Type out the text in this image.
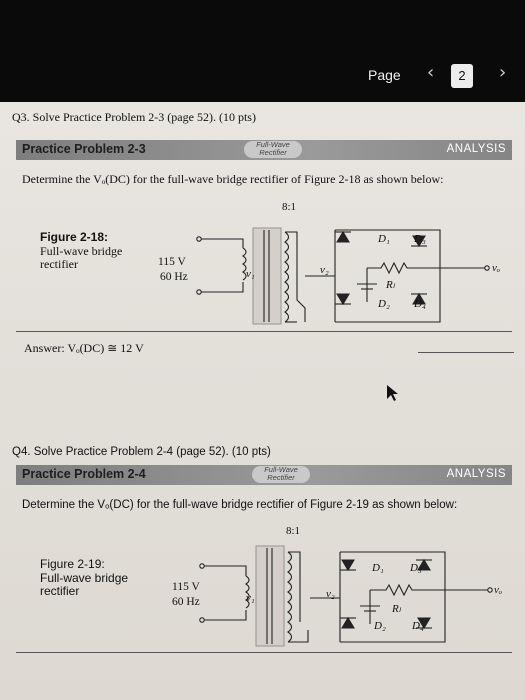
Page ‹	2	›
Q3. Solve Practice Problem 2-3 (page 52). (10 pts)
Practice Problem 2-3	Full-Wave Rectifier	ANALYSIS
Determine the Vₒ(DC) for the full-wave bridge rectifier of Figure 2-18 as shown below:
Figure 2-18:
Full-wave bridge rectifier	115 V
60 Hz
8:1
v₁	v₂
D₁ D₃
Rₗ
D₂ D₄
vₒ
Answer: Vₒ(DC) ≅ 12 V
Q4. Solve Practice Problem 2-4 (page 52). (10 pts)
Practice Problem 2-4	Full-Wave Rectifier	ANALYSIS
Determine the Vₒ(DC) for the full-wave bridge rectifier of Figure 2-19 as shown below:
8:1
Figure 2-19:
Full-wave bridge rectifier	115 V
60 Hz	v₁	v₂
D₁ D₃
Rₗ
D₂ D₄
vₒ
